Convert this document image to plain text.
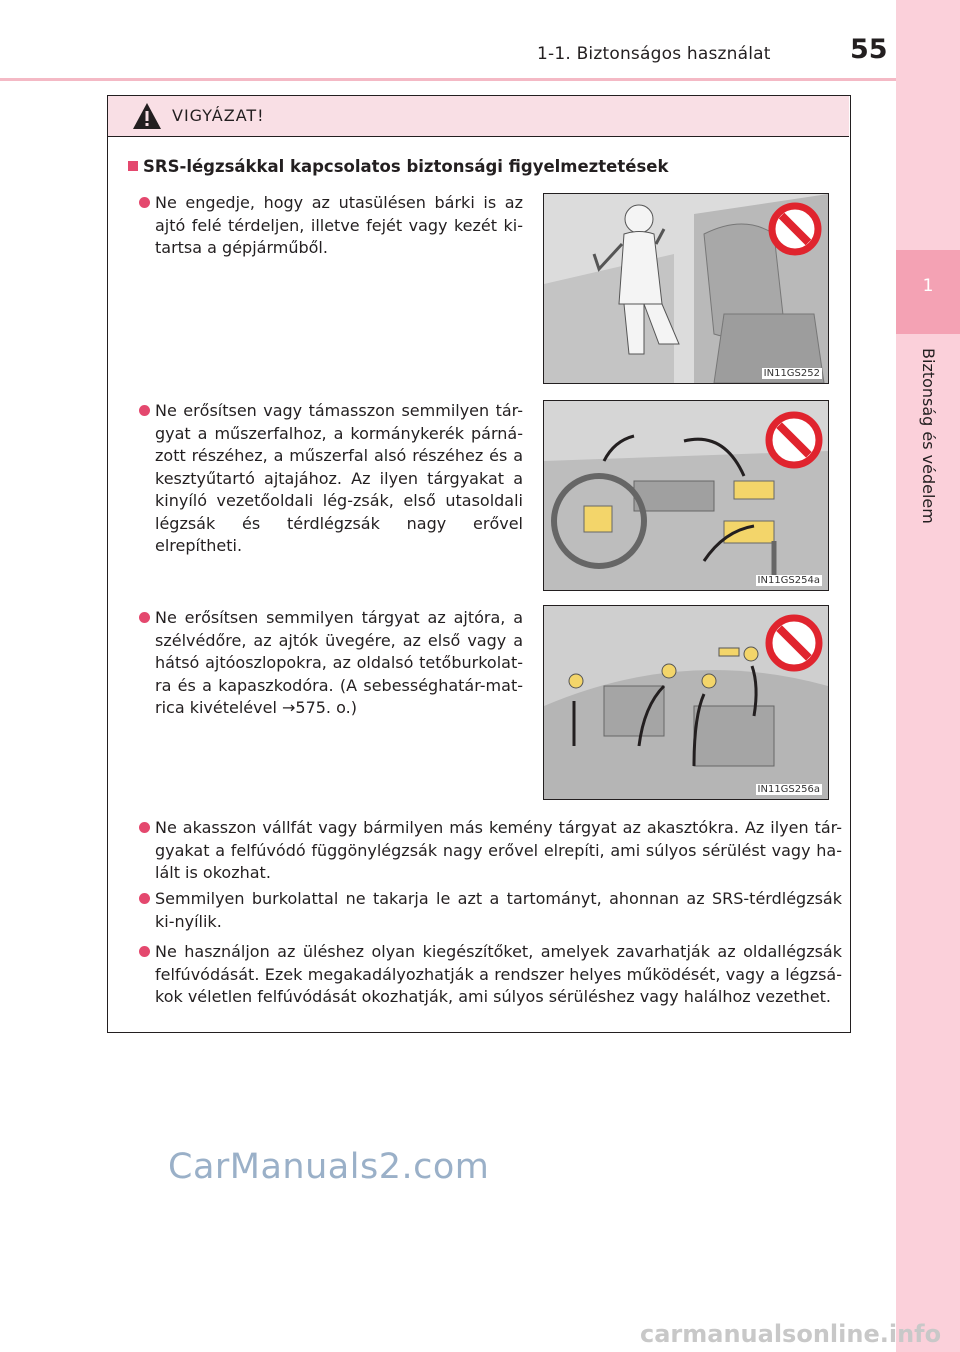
1-1. Biztonságos használat	55
1
Biztonság és védelem
VIGYÁZAT!
SRS-légzsákkal kapcsolatos biztonsági figyelmeztetések
Ne engedje, hogy az utasülésen bárki is az ajtó felé térdeljen, illetve fejét vagy kezét ki-tartsa a gépjárműből.
IN11GS252
Ne erősítsen vagy támasszon semmilyen tár-gyat a műszerfalhoz, a kormánykerék párná-zott részéhez, a műszerfal alsó részéhez és a kesztyűtartó ajtajához. Az ilyen tárgyakat a kinyíló vezetőoldali lég-zsák, első utasoldali légzsák és térdlégzsák nagy erővel elrepítheti.
IN11GS254a
Ne erősítsen semmilyen tárgyat az ajtóra, a szélvédőre, az ajtók üvegére, az első vagy a hátsó ajtóoszlopokra, az oldalsó tetőburkolat-ra és a kapaszkodóra. (A sebességhatár-mat-rica kivételével →575. o.)
IN11GS256a
Ne akasszon vállfát vagy bármilyen más kemény tárgyat az akasztókra. Az ilyen tár-gyakat a felfúvódó függönylégzsák nagy erővel elrepíti, ami súlyos sérülést vagy ha-lált is okozhat.
Semmilyen burkolattal ne takarja le azt a tartományt, ahonnan az SRS-térdlégzsák ki-nyílik.
Ne használjon az üléshez olyan kiegészítőket, amelyek zavarhatják az oldallégzsák felfúvódását. Ezek megakadályozhatják a rendszer helyes működését, vagy a légzsá-kok véletlen felfúvódását okozhatják, ami súlyos sérüléshez vagy halálhoz vezethet.
CarManuals2.com
carmanualsonline.info
